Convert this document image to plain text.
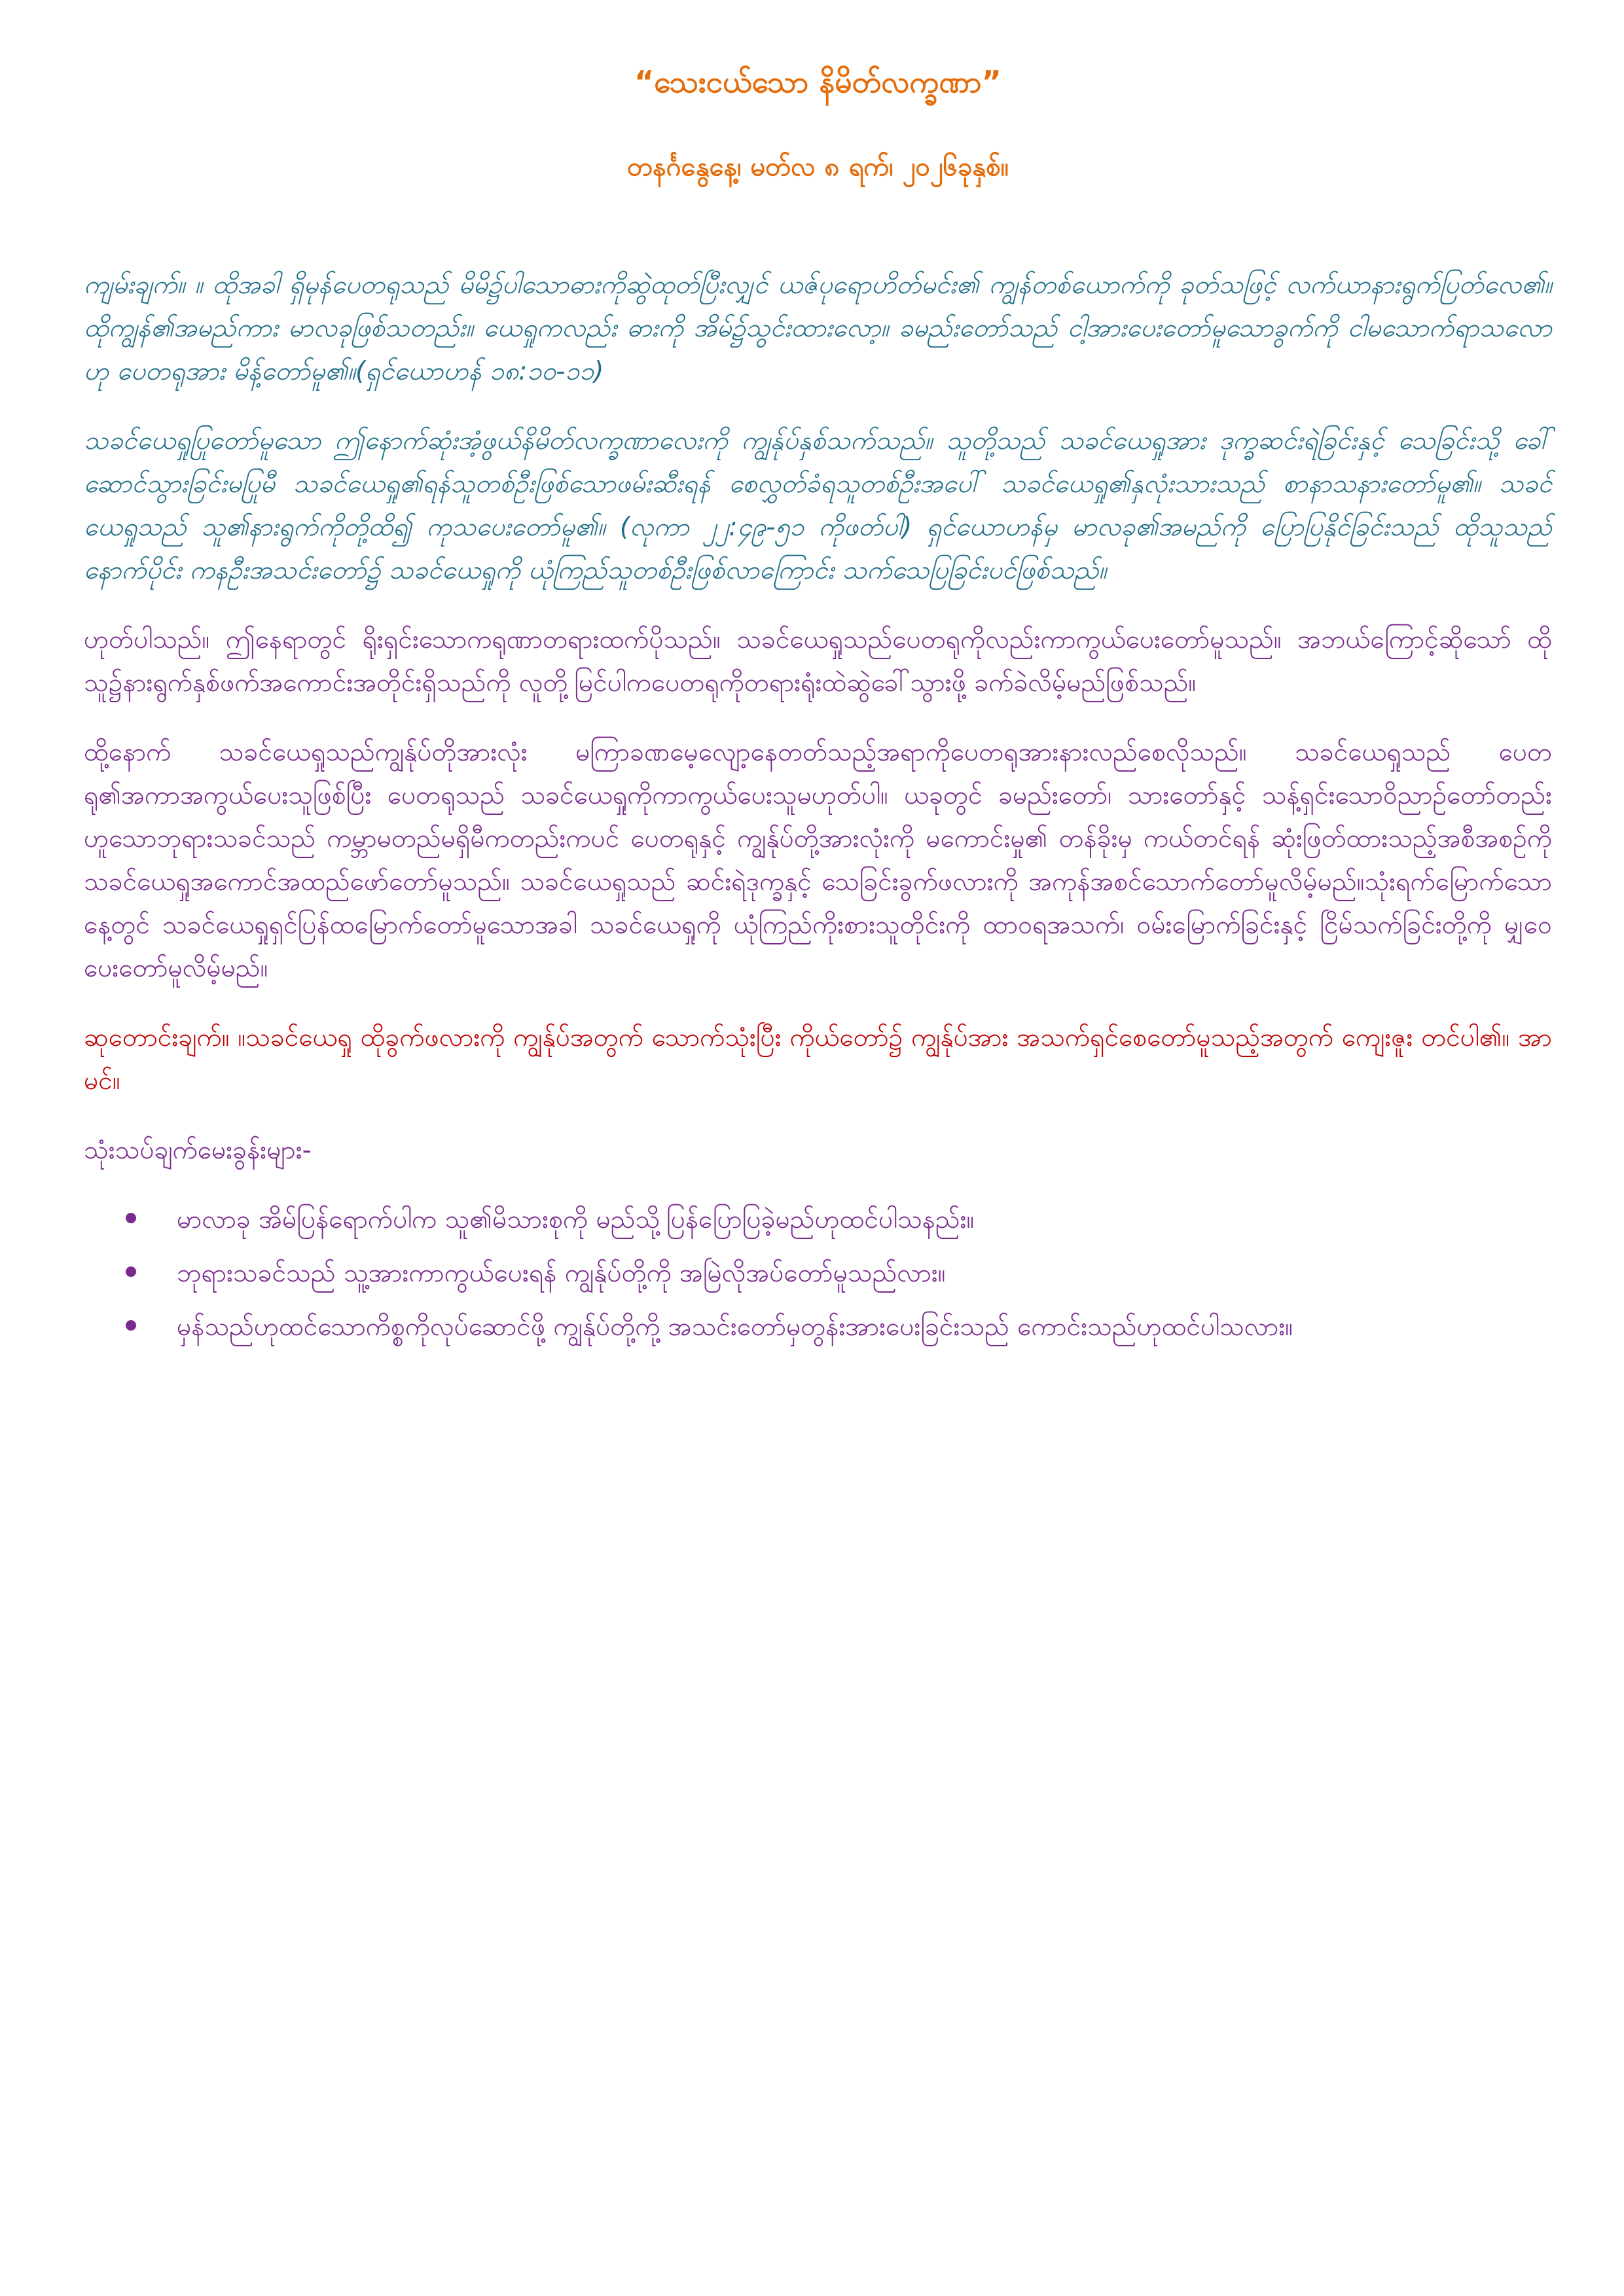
“သေးငယ်သော နိမိတ်လက္ခဏာ”
တနင်္ဂနွေနေ့၊ မတ်လ ၈ ရက်၊ ၂၀၂၆ခုနှစ်။

ကျမ်းချက်။ ။ ထိုအခါ ရှိမုန်ပေတရုသည် မိမိ၌ပါသောဓားကိုဆွဲထုတ်ပြီးလျှင် ယဇ်ပုရောဟိတ်မင်း၏ ကျွန်တစ်ယောက်ကို ခုတ်သဖြင့် လက်ယာနားရွက်ပြတ်လေ၏။ ထိုကျွန်၏အမည်ကား မာလခုဖြစ်သတည်း။ ယေရှုကလည်း ဓားကို အိမ်၌သွင်းထားလော့။ ခမည်းတော်သည် ငါ့အားပေးတော်မူသောခွက်ကို ငါမသောက်ရာသလောဟု ပေတရုအား မိန့်တော်မူ၏။(ရှင်ယောဟန် ၁၈:၁၀-၁၁)

သခင်ယေရှုပြုတော်မူသော ဤနောက်ဆုံးအံ့ဖွယ်နိမိတ်လက္ခဏာလေးကို ကျွန်ုပ်နှစ်သက်သည်။ သူတို့သည် သခင်ယေရှုအား ဒုက္ခဆင်းရဲခြင်းနှင့် သေခြင်းသို့ ခေါ်ဆောင်သွားခြင်းမပြုမီ သခင်ယေရှု၏ရန်သူတစ်ဦးဖြစ်သောဖမ်းဆီးရန် စေလွှတ်ခံရသူတစ်ဦးအပေါ် သခင်ယေရှု၏နှလုံးသားသည် စာနာသနားတော်မူ၏။ သခင်ယေရှုသည် သူ၏နားရွက်ကိုတို့ထိ၍ ကုသပေးတော်မူ၏။ (လုကာ ၂၂:၄၉-၅၁ ကိုဖတ်ပါ) ရှင်ယောဟန်မှ မာလခု၏အမည်ကို ပြောပြနိုင်ခြင်းသည် ထိုသူသည် နောက်ပိုင်း ကနဦးအသင်းတော်၌ သခင်ယေရှုကို ယုံကြည်သူတစ်ဦးဖြစ်လာကြောင်း သက်သေပြခြင်းပင်ဖြစ်သည်။

ဟုတ်ပါသည်။ ဤနေရာတွင် ရိုးရှင်းသောကရုဏာတရားထက်ပိုသည်။ သခင်ယေရှုသည်ပေတရုကိုလည်းကာကွယ်ပေးတော်မူသည်။ အဘယ်ကြောင့်ဆိုသော် ထိုသူ၌နားရွက်နှစ်ဖက်အကောင်းအတိုင်းရှိသည်ကို လူတို့မြင်ပါကပေတရုကိုတရားရုံးထဲဆွဲခေါ်သွားဖို့ ခက်ခဲလိမ့်မည်ဖြစ်သည်။

ထို့နောက် သခင်ယေရှုသည်ကျွန်ုပ်တိုအားလုံး မကြာခဏမေ့လျော့နေတတ်သည့်အရာကိုပေတရုအားနားလည်စေလိုသည်။ သခင်ယေရှုသည် ပေတရု၏အကာအကွယ်ပေးသူဖြစ်ပြီး ပေတရုသည် သခင်ယေရှုကိုကာကွယ်ပေးသူမဟုတ်ပါ။ ယခုတွင် ခမည်းတော်၊ သားတော်နှင့် သန့်ရှင်းသောဝိညာဉ်တော်တည်းဟူသောဘုရားသခင်သည် ကမ္ဘာမတည်မရှိမီကတည်းကပင် ပေတရုနှင့် ကျွန်ုပ်တို့အားလုံးကို မကောင်းမှု၏ တန်ခိုးမှ ကယ်တင်ရန် ဆုံးဖြတ်ထားသည့်အစီအစဉ်ကို သခင်ယေရှုအကောင်အထည်ဖော်တော်မူသည်။ သခင်ယေရှုသည် ဆင်းရဲဒုက္ခနှင့် သေခြင်းခွက်ဖလားကို အကုန်အစင်သောက်တော်မူလိမ့်မည်။သုံးရက်မြောက်သောနေ့တွင် သခင်ယေရှုရှင်ပြန်ထမြောက်တော်မူသောအခါ သခင်ယေရှုကို ယုံကြည်ကိုးစားသူတိုင်းကို ထာဝရအသက်၊ ဝမ်းမြောက်ခြင်းနှင့် ငြိမ်သက်ခြင်းတို့ကို မျှဝေပေးတော်မူလိမ့်မည်။

ဆုတောင်းချက်။ ။သခင်ယေရှု ထိုခွက်ဖလားကို ကျွန်ုပ်အတွက် သောက်သုံးပြီး ကိုယ်တော်၌ ကျွန်ုပ်အား အသက်ရှင်စေတော်မူသည့်အတွက် ကျေးဇူး တင်ပါ၏။ အာမင်။

သုံးသပ်ချက်မေးခွန်းများ-
မာလာခု အိမ်ပြန်ရောက်ပါက သူ၏မိသားစုကို မည်သို့ပြန်ပြောပြခဲ့မည်ဟုထင်ပါသနည်း။
ဘုရားသခင်သည် သူ့အားကာကွယ်ပေးရန် ကျွန်ုပ်တို့ကို အမြဲလိုအပ်တော်မူသည်လား။
မှန်သည်ဟုထင်သောကိစ္စကိုလုပ်ဆောင်ဖို့ ကျွန်ုပ်တို့ကို့ အသင်းတော်မှတွန်းအားပေးခြင်းသည် ကောင်းသည်ဟုထင်ပါသလား။
